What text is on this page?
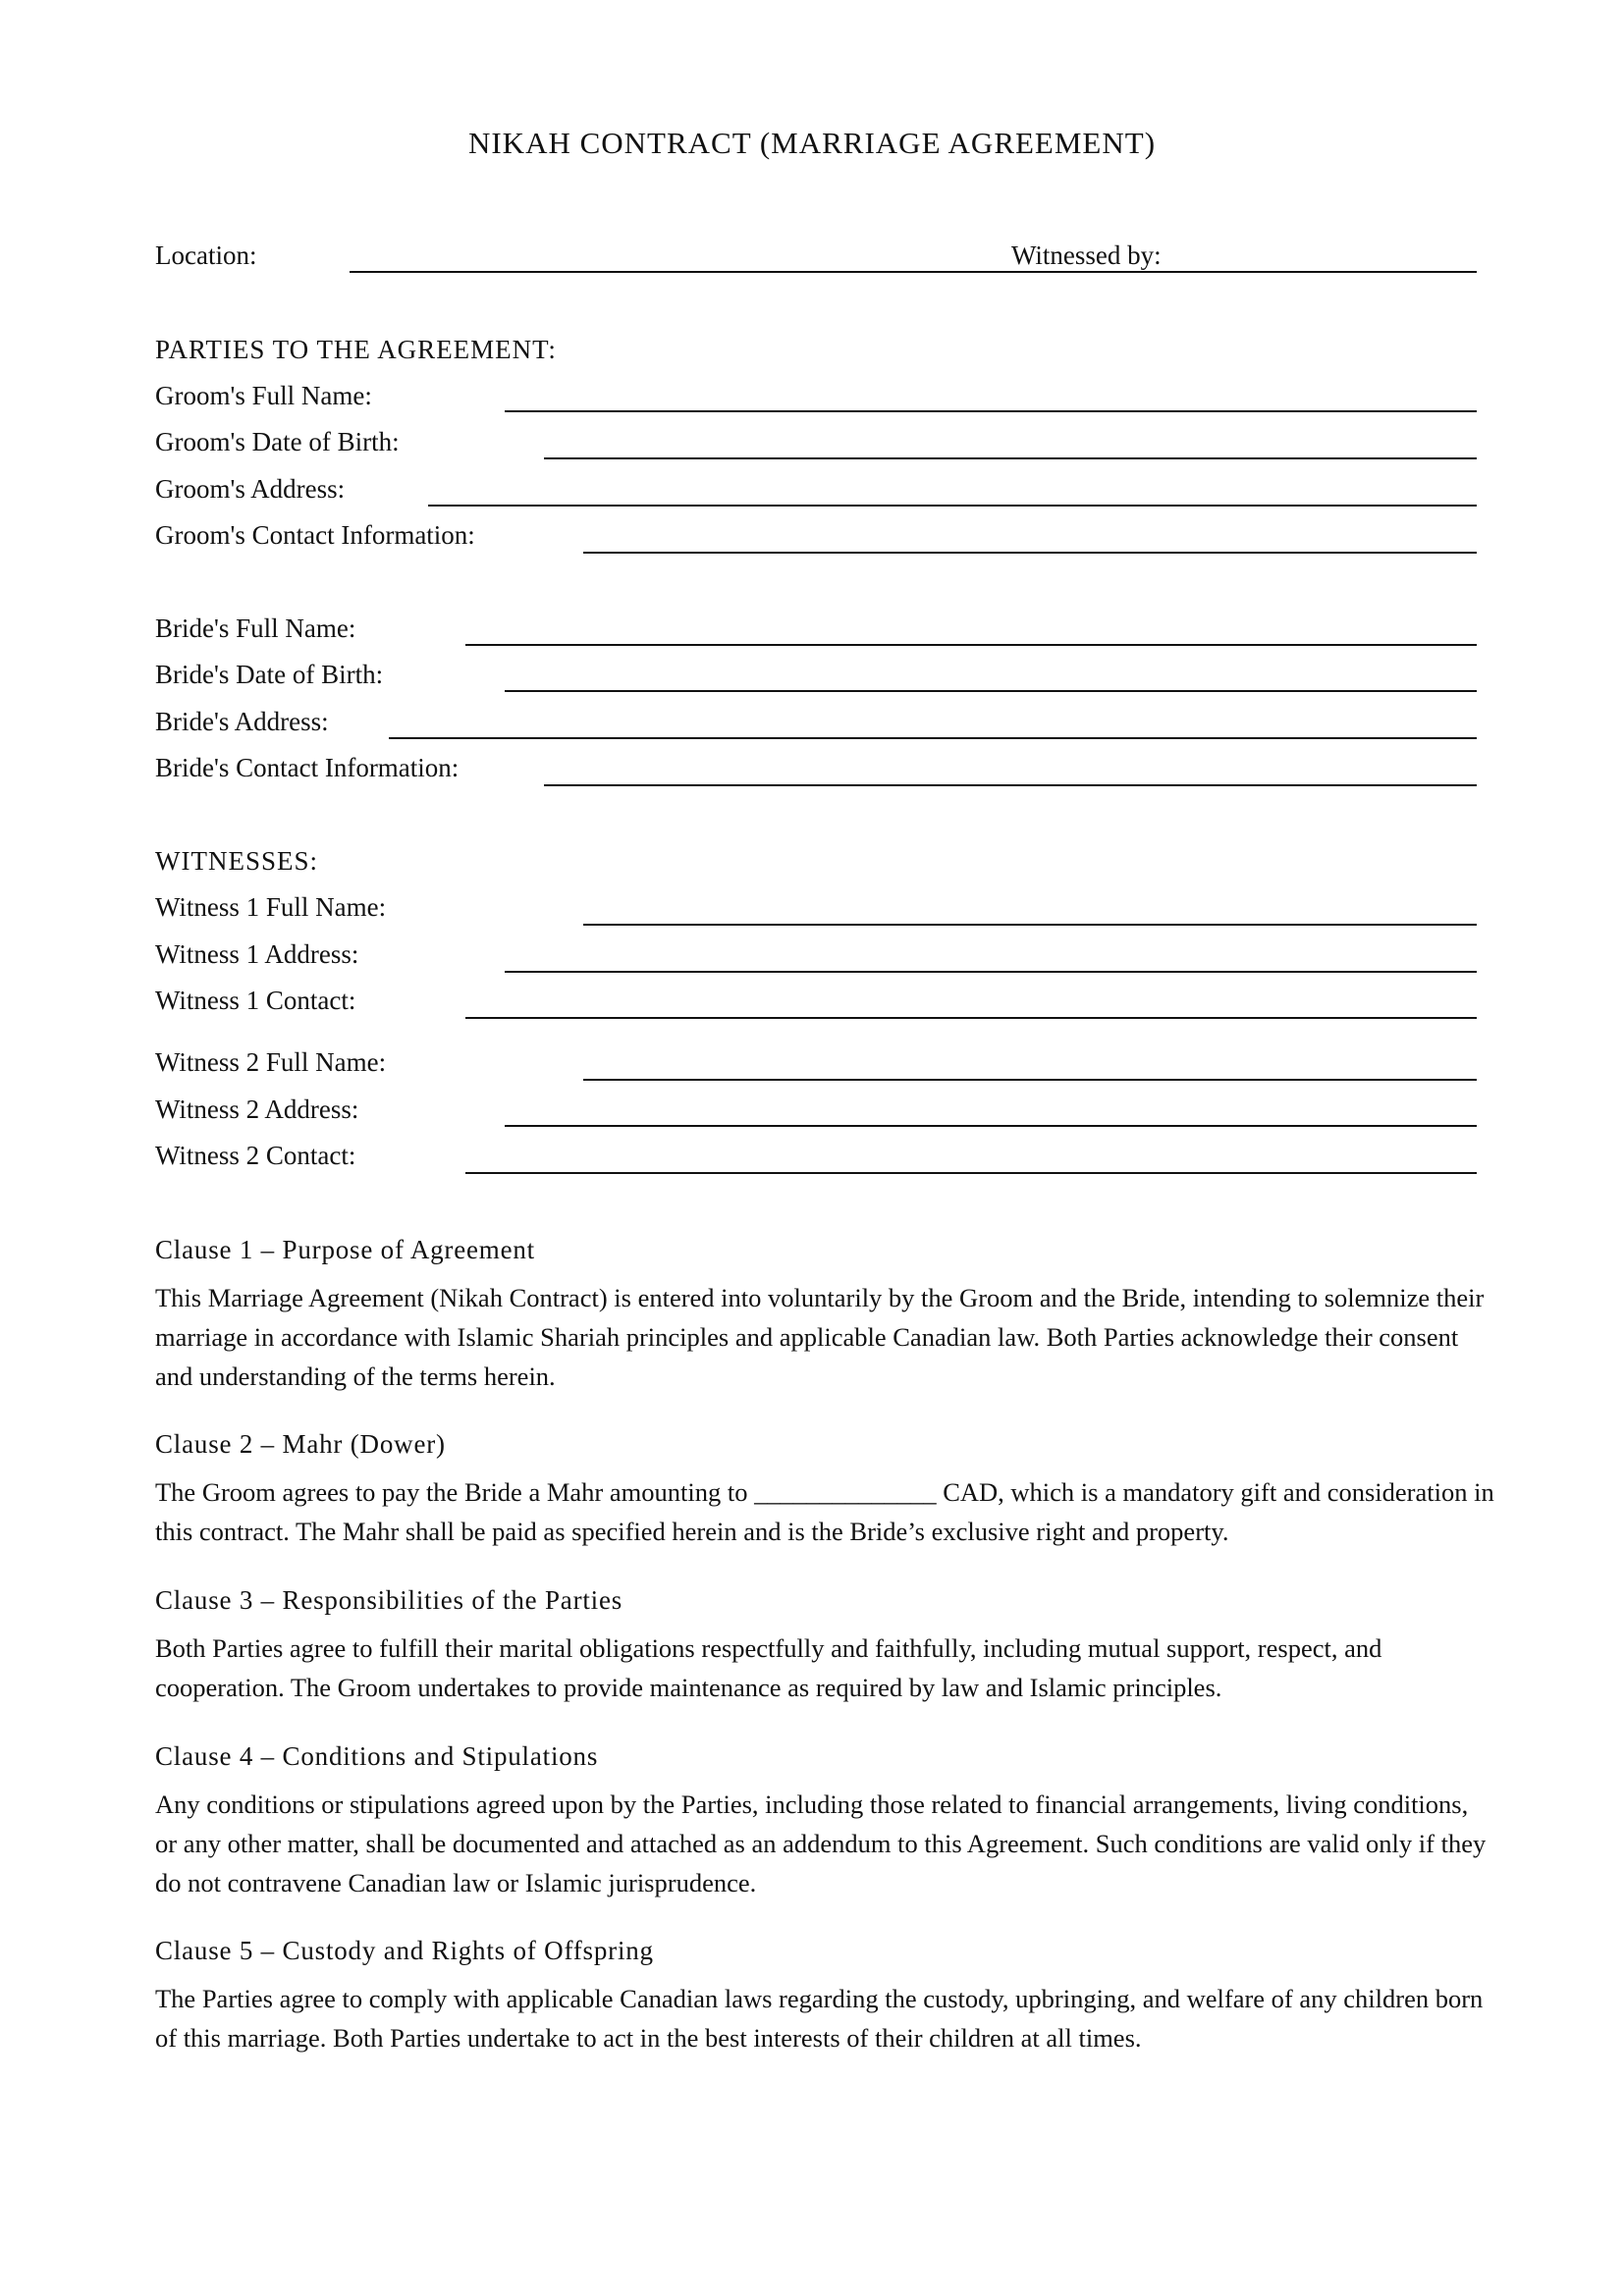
NIKAH CONTRACT (MARRIAGE AGREEMENT)
Location:	Witnessed by:
PARTIES TO THE AGREEMENT:
Groom's Full Name:
Groom's Date of Birth:
Groom's Address:
Groom's Contact Information:
Bride's Full Name:
Bride's Date of Birth:
Bride's Address:
Bride's Contact Information:
WITNESSES:
Witness 1 Full Name:
Witness 1 Address:
Witness 1 Contact:
Witness 2 Full Name:
Witness 2 Address:
Witness 2 Contact:
Clause 1 – Purpose of Agreement
This Marriage Agreement (Nikah Contract) is entered into voluntarily by the Groom and the Bride, intending to solemnize their marriage in accordance with Islamic Shariah principles and applicable Canadian law. Both Parties acknowledge their consent and understanding of the terms herein.
Clause 2 – Mahr (Dower)
The Groom agrees to pay the Bride a Mahr amounting to ______________ CAD, which is a mandatory gift and consideration in this contract. The Mahr shall be paid as specified herein and is the Bride’s exclusive right and property.
Clause 3 – Responsibilities of the Parties
Both Parties agree to fulfill their marital obligations respectfully and faithfully, including mutual support, respect, and cooperation. The Groom undertakes to provide maintenance as required by law and Islamic principles.
Clause 4 – Conditions and Stipulations
Any conditions or stipulations agreed upon by the Parties, including those related to financial arrangements, living conditions, or any other matter, shall be documented and attached as an addendum to this Agreement. Such conditions are valid only if they do not contravene Canadian law or Islamic jurisprudence.
Clause 5 – Custody and Rights of Offspring
The Parties agree to comply with applicable Canadian laws regarding the custody, upbringing, and welfare of any children born of this marriage. Both Parties undertake to act in the best interests of their children at all times.
